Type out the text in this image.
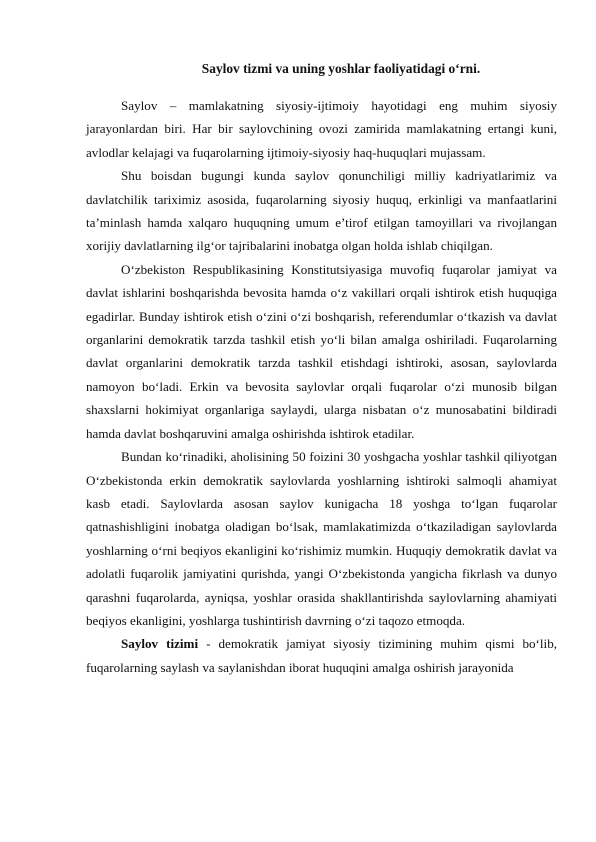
Saylov tizmi va uning yoshlar faoliyatidagi o‘rni.

Saylov – mamlakatning siyosiy-ijtimoiy hayotidagi eng muhim siyosiy jarayonlardan biri. Har bir saylovchining ovozi zamirida mamlakatning ertangi kuni, avlodlar kelajagi va fuqarolarning ijtimoiy-siyosiy haq-huquqlari mujassam.

Shu boisdan bugungi kunda saylov qonunchiligi milliy kadriyatlarimiz va davlatchilik tariximiz asosida, fuqarolarning siyosiy huquq, erkinligi va manfaatlarini ta’minlash hamda xalqaro huquqning umum e’tirof etilgan tamoyillari va rivojlangan xorijiy davlatlarning ilg‘or tajribalarini inobatga olgan holda ishlab chiqilgan.

O‘zbekiston Respublikasining Konstitutsiyasiga muvofiq fuqarolar jamiyat va davlat ishlarini boshqarishda bevosita hamda o‘z vakillari orqali ishtirok etish huquqiga egadirlar. Bunday ishtirok etish o‘zini o‘zi boshqarish, referendumlar o‘tkazish va davlat organlarini demokratik tarzda tashkil etish yo‘li bilan amalga oshiriladi. Fuqarolarning davlat organlarini demokratik tarzda tashkil etishdagi ishtiroki, asosan, saylovlarda namoyon bo‘ladi. Erkin va bevosita saylovlar orqali fuqarolar o‘zi munosib bilgan shaxslarni hokimiyat organlariga saylaydi, ularga nisbatan o‘z munosabatini bildiradi hamda davlat boshqaruvini amalga oshirishda ishtirok etadilar.

Bundan ko‘rinadiki, aholisining 50 foizini 30 yoshgacha yoshlar tashkil qiliyotgan O‘zbekistonda erkin demokratik saylovlarda yoshlarning ishtiroki salmoqli ahamiyat kasb etadi. Saylovlarda asosan saylov kunigacha 18 yoshga to‘lgan fuqarolar qatnashishligini inobatga oladigan bo‘lsak, mamlakatimizda o‘tkaziladigan saylovlarda yoshlarning o‘rni beqiyos ekanligini ko‘rishimiz mumkin. Huquqiy demokratik davlat va adolatli fuqarolik jamiyatini qurishda, yangi O‘zbekistonda yangicha fikrlash va dunyo qarashni fuqarolarda, ayniqsa, yoshlar orasida shakllantirishda saylovlarning ahamiyati beqiyos ekanligini, yoshlarga tushintirish davrning o‘zi taqozo etmoqda.

Saylov tizimi - demokratik jamiyat siyosiy tizimining muhim qismi bo‘lib, fuqarolarning saylash va saylanishdan iborat huquqini amalga oshirish jarayonida
